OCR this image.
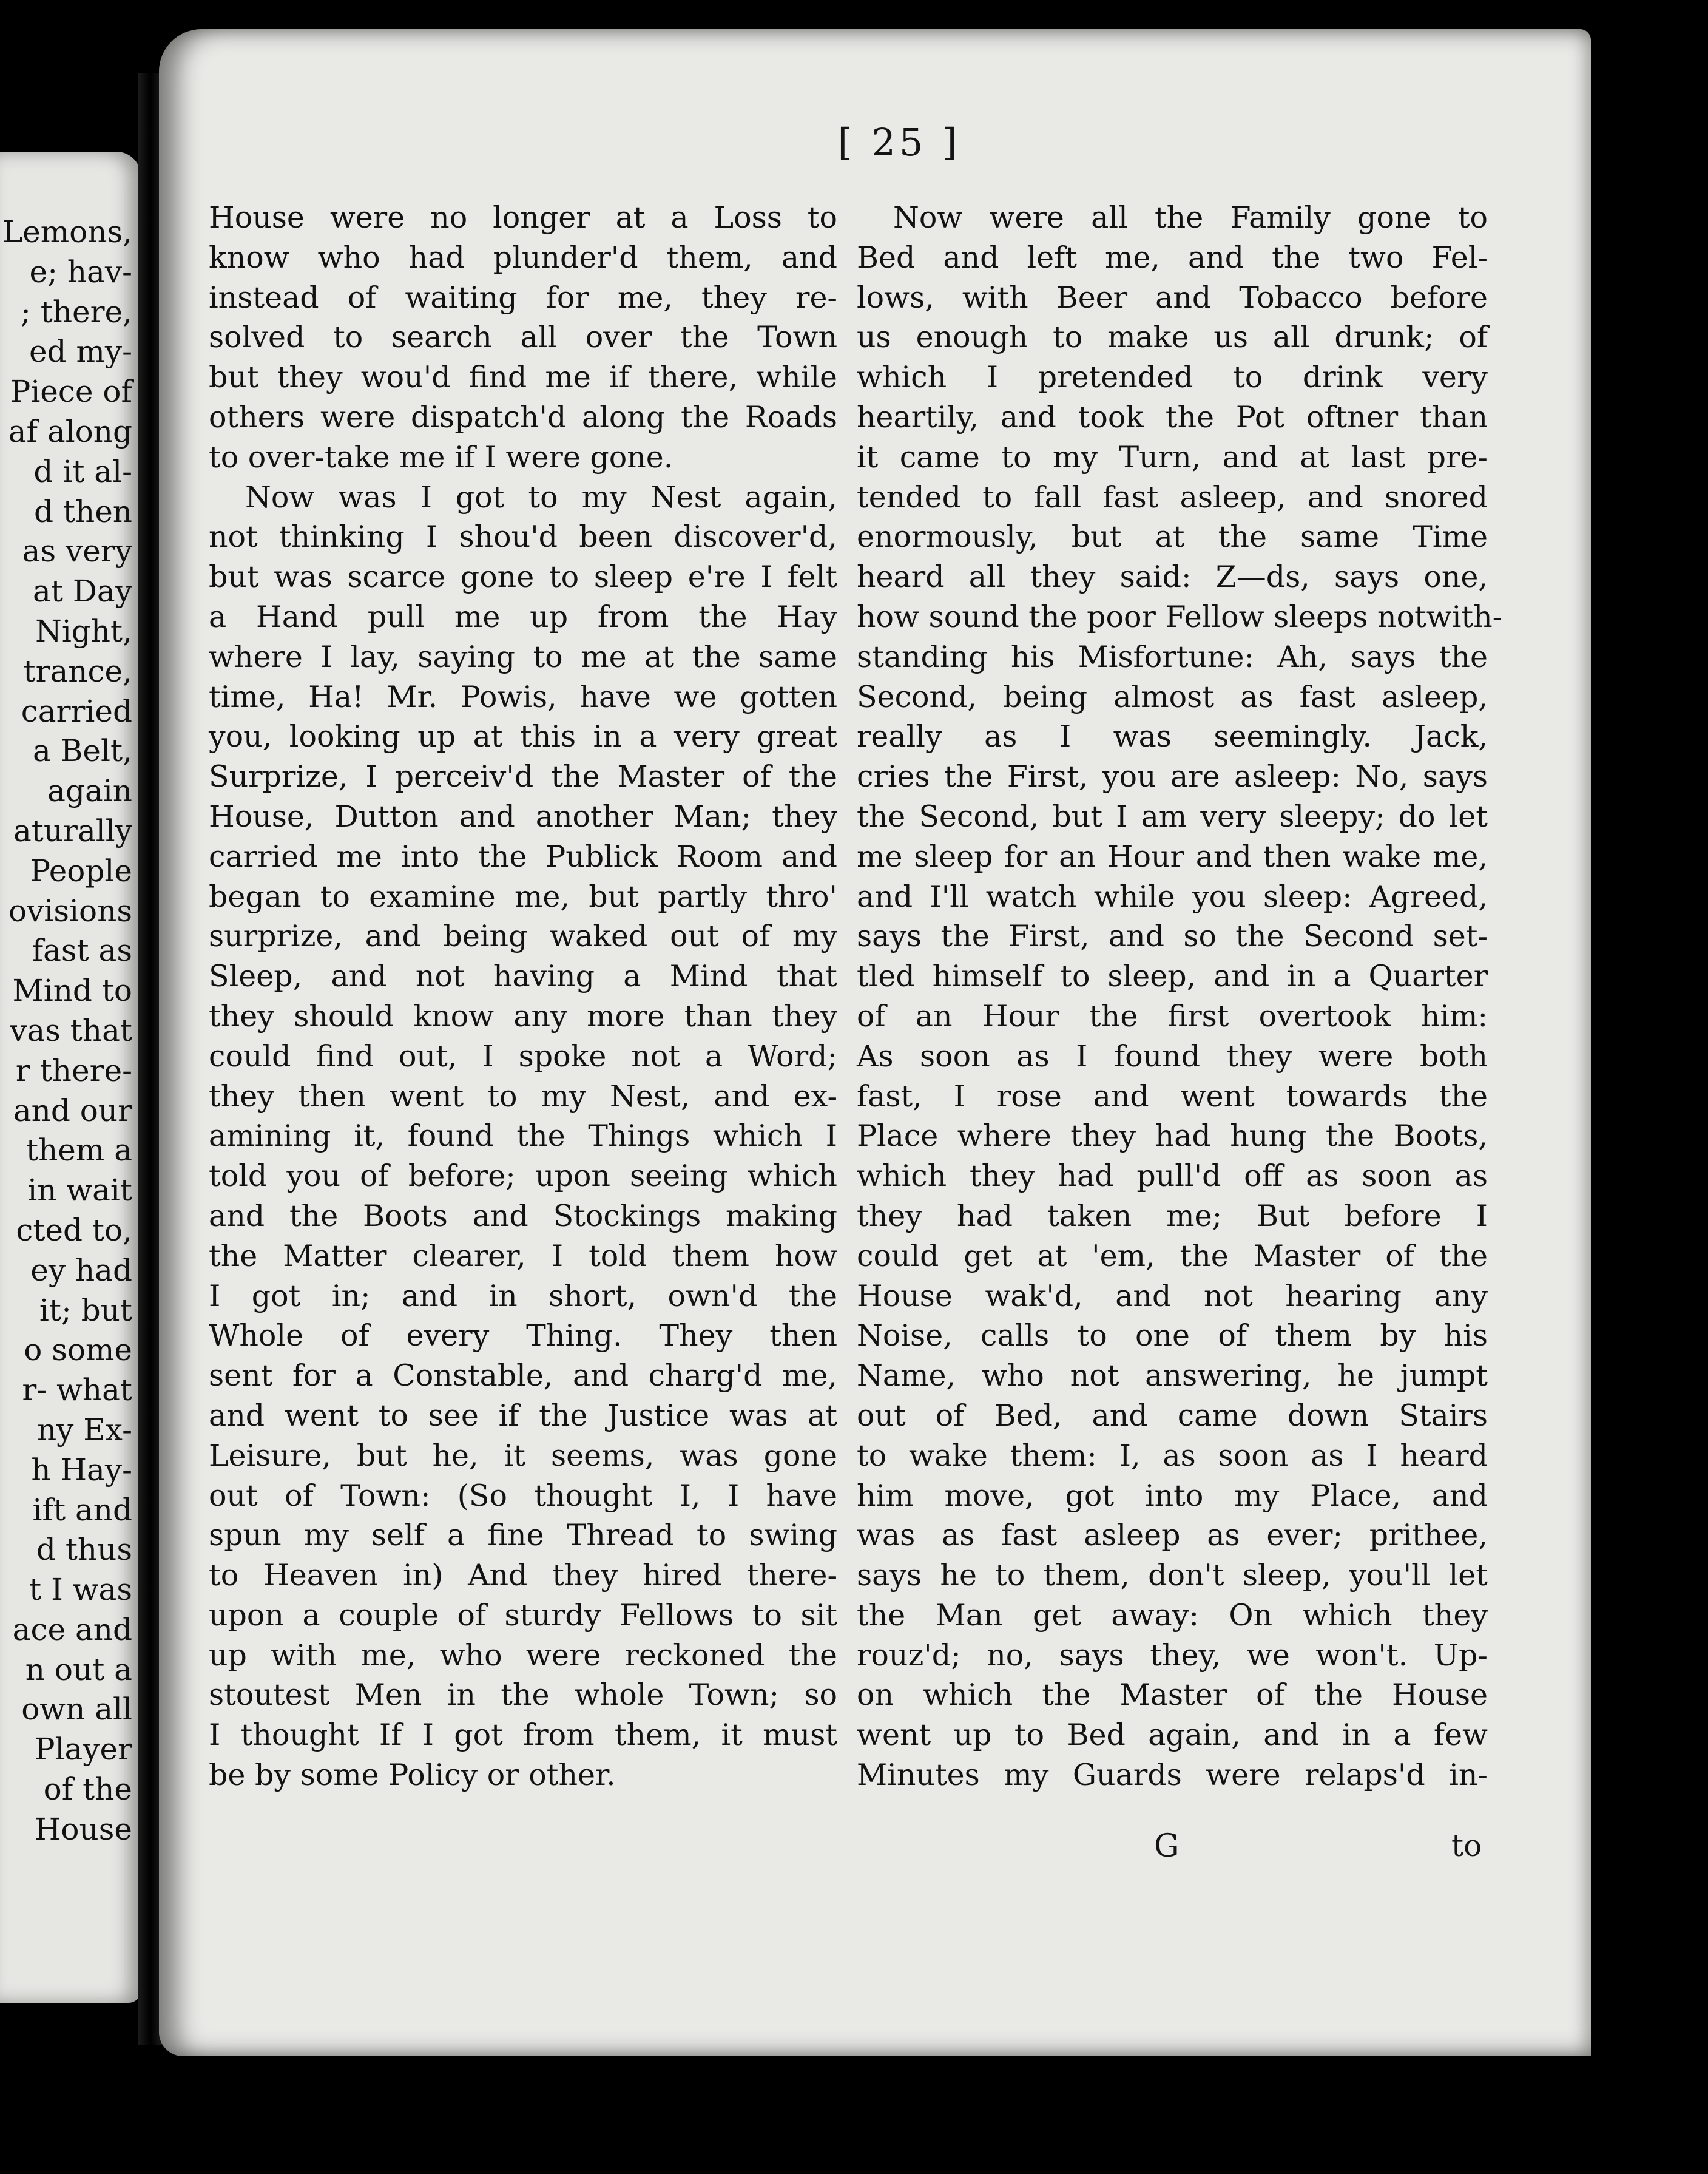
Lemons,
e; hav-
; there,
ed my-
Piece of
af along
d it al-
d then
as very
at Day
Night,
trance,
carried
a Belt,
again
aturally
People
ovisions
fast as
Mind to
vas that
r there-
and our
them a
in wait
cted to,
ey had
it; but
o some
r- what
ny Ex-
h Hay-
ift and
d thus
t I was
ace and
n out a
own all
Player
of the
House
[ 25 ]
House were no longer at a Loss to
know who had plunder'd them, and
instead of waiting for me, they re-
solved to search all over the Town
but they wou'd find me if there, while
others were dispatch'd along the Roads
to over-take me if I were gone.
Now was I got to my Nest again,
not thinking I shou'd been discover'd,
but was scarce gone to sleep e're I felt
a Hand pull me up from the Hay
where I lay, saying to me at the same
time, Ha! Mr. Powis, have we gotten
you, looking up at this in a very great
Surprize, I perceiv'd the Master of the
House, Dutton and another Man; they
carried me into the Publick Room and
began to examine me, but partly thro'
surprize, and being waked out of my
Sleep, and not having a Mind that
they should know any more than they
could find out, I spoke not a Word;
they then went to my Nest, and ex-
amining it, found the Things which I
told you of before; upon seeing which
and the Boots and Stockings making
the Matter clearer, I told them how
I got in; and in short, own'd the
Whole of every Thing. They then
sent for a Constable, and charg'd me,
and went to see if the Justice was at
Leisure, but he, it seems, was gone
out of Town: (So thought I, I have
spun my self a fine Thread to swing
to Heaven in) And they hired there-
upon a couple of sturdy Fellows to sit
up with me, who were reckoned the
stoutest Men in the whole Town; so
I thought If I got from them, it must
be by some Policy or other.
Now were all the Family gone to
Bed and left me, and the two Fel-
lows, with Beer and Tobacco before
us enough to make us all drunk; of
which I pretended to drink very
heartily, and took the Pot oftner than
it came to my Turn, and at last pre-
tended to fall fast asleep, and snored
enormously, but at the same Time
heard all they said: Z—ds, says one,
how sound the poor Fellow sleeps notwith-
standing his Misfortune: Ah, says the
Second, being almost as fast asleep,
really as I was seemingly. Jack,
cries the First, you are asleep: No, says
the Second, but I am very sleepy; do let
me sleep for an Hour and then wake me,
and I'll watch while you sleep: Agreed,
says the First, and so the Second set-
tled himself to sleep, and in a Quarter
of an Hour the first overtook him:
As soon as I found they were both
fast, I rose and went towards the
Place where they had hung the Boots,
which they had pull'd off as soon as
they had taken me; But before I
could get at 'em, the Master of the
House wak'd, and not hearing any
Noise, calls to one of them by his
Name, who not answering, he jumpt
out of Bed, and came down Stairs
to wake them: I, as soon as I heard
him move, got into my Place, and
was as fast asleep as ever; prithee,
says he to them, don't sleep, you'll let
the Man get away: On which they
rouz'd; no, says they, we won't. Up-
on which the Master of the House
went up to Bed again, and in a few
Minutes my Guards were relaps'd in-
G	to
